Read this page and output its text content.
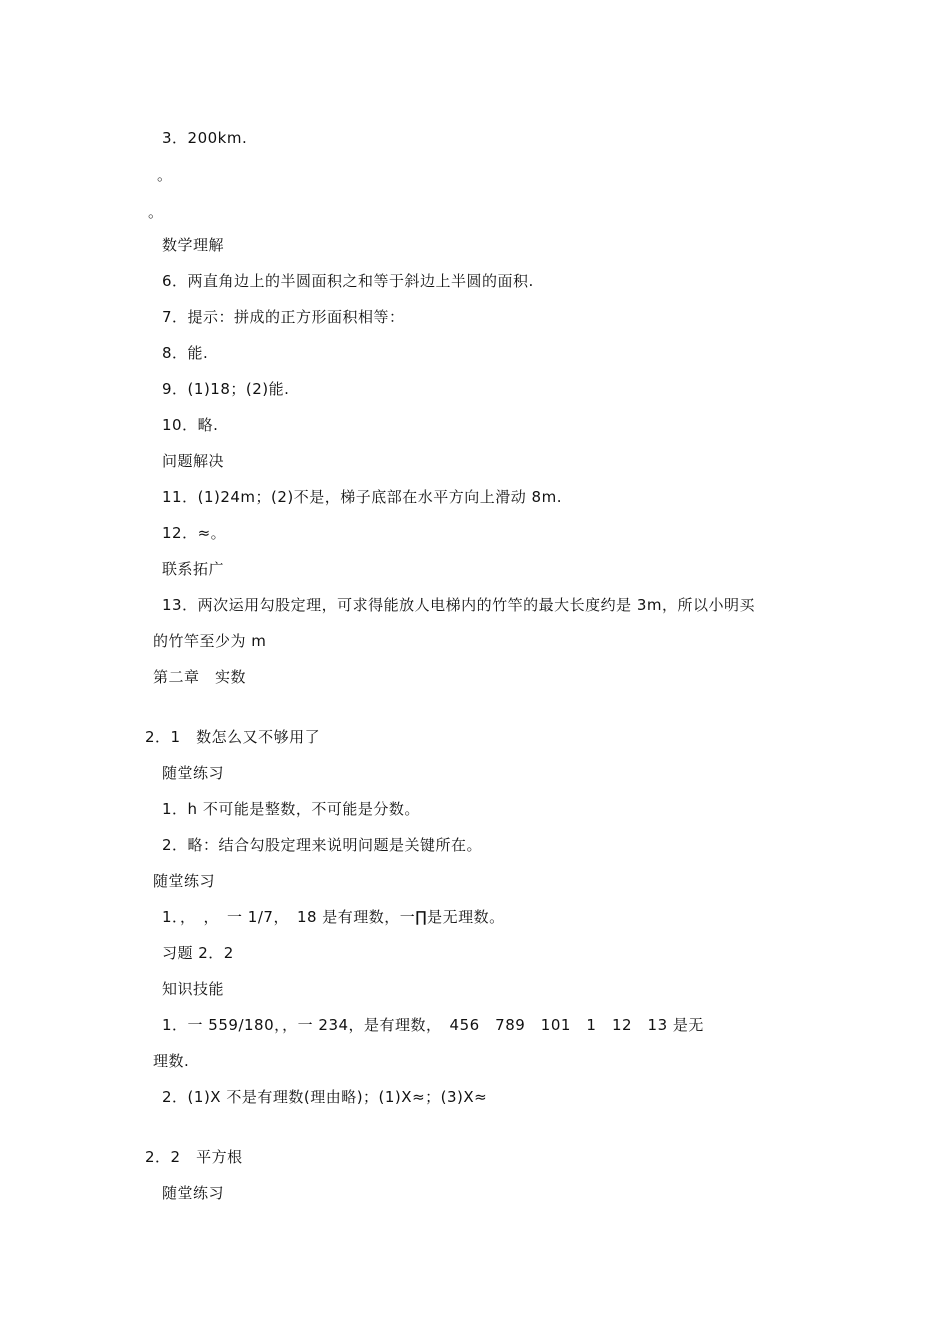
3．200km.
。
。
数学理解
6．两直角边上的半圆面积之和等于斜边上半圆的面积.
7．提示：拼成的正方形面积相等：
8．能.
9．(1)18；(2)能.
10．略.
问题解决
11．(1)24m；(2)不是，梯子底部在水平方向上滑动 8m.
12．≈。
联系拓广
13．两次运用勾股定理，可求得能放人电梯内的竹竿的最大长度约是 3m，所以小明买
的竹竿至少为 m
第二章　实数
2．1　数怎么又不够用了
随堂练习
1．h 不可能是整数，不可能是分数。
2．略：结合勾股定理来说明问题是关键所在。
随堂练习
1．，　，　一 1/7，　18 是有理数，一∏是无理数。
习题 2．2
知识技能
1．一 559/180，，一 234，是有理数，　456　789　101　1　12　13 是无
理数.
2．(1)X 不是有理数(理由略)；(1)X≈；(3)X≈
2．2　平方根
随堂练习
